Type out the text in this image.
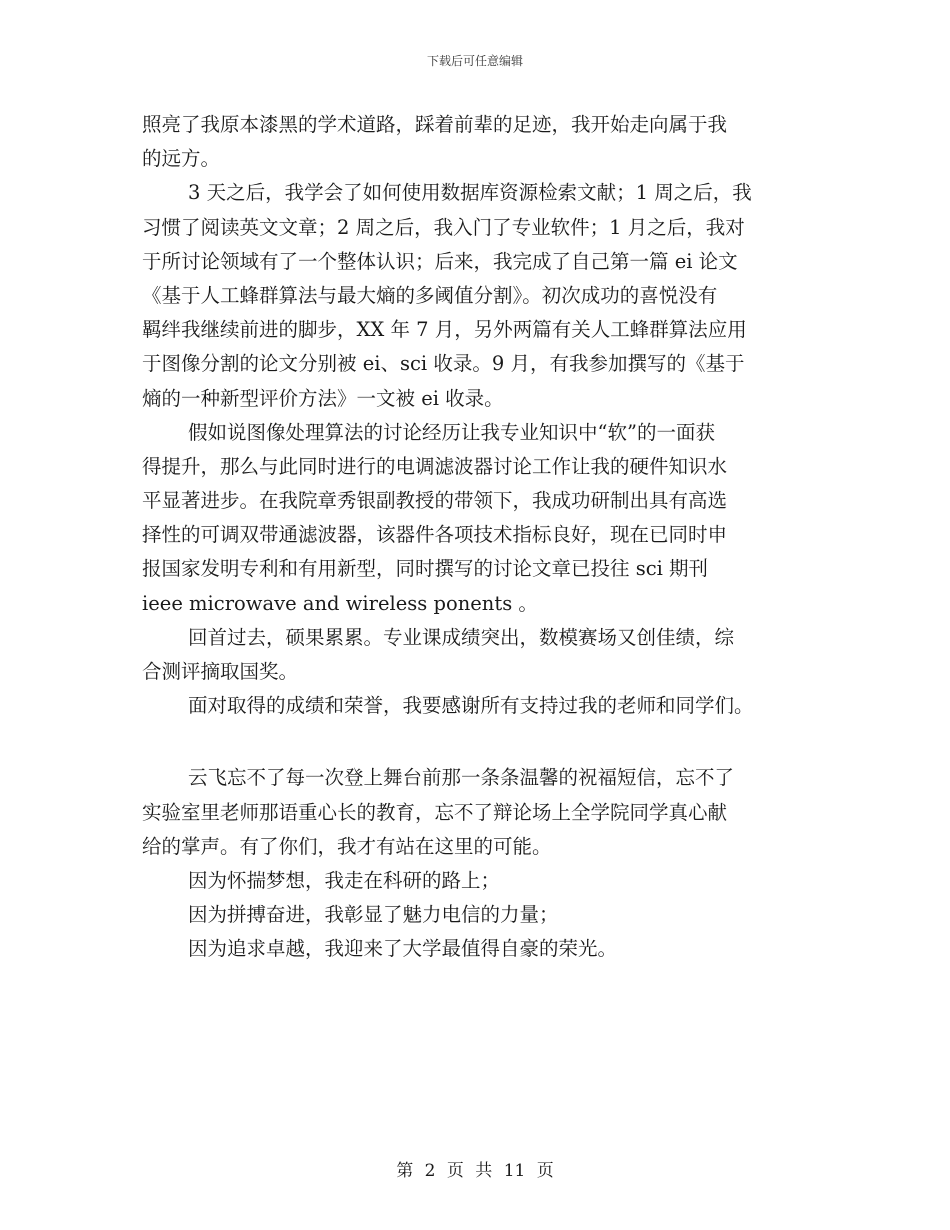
下载后可任意编辑
照亮了我原本漆黑的学术道路，踩着前辈的足迹，我开始走向属于我
的远方。
3 天之后，我学会了如何使用数据库资源检索文献；1 周之后，我
习惯了阅读英文文章；2 周之后，我入门了专业软件；1 月之后，我对
于所讨论领域有了一个整体认识；后来，我完成了自己第一篇 ei 论文
《基于人工蜂群算法与最大熵的多阈值分割》。初次成功的喜悦没有
羁绊我继续前进的脚步，XX 年 7 月，另外两篇有关人工蜂群算法应用
于图像分割的论文分别被 ei、sci 收录。9 月，有我参加撰写的《基于
熵的一种新型评价方法》一文被 ei 收录。
假如说图像处理算法的讨论经历让我专业知识中“软”的一面获
得提升，那么与此同时进行的电调滤波器讨论工作让我的硬件知识水
平显著进步。在我院章秀银副教授的带领下，我成功研制出具有高选
择性的可调双带通滤波器，该器件各项技术指标良好，现在已同时申
报国家发明专利和有用新型，同时撰写的讨论文章已投往 sci 期刊
ieee microwave and wireless ponents 。
回首过去，硕果累累。专业课成绩突出，数模赛场又创佳绩，综
合测评摘取国奖。
面对取得的成绩和荣誉，我要感谢所有支持过我的老师和同学们。
云飞忘不了每一次登上舞台前那一条条温馨的祝福短信，忘不了
实验室里老师那语重心长的教育，忘不了辩论场上全学院同学真心献
给的掌声。有了你们，我才有站在这里的可能。
因为怀揣梦想，我走在科研的路上；
因为拼搏奋进，我彰显了魅力电信的力量；
因为追求卓越，我迎来了大学最值得自豪的荣光。
第 2 页 共 11 页
